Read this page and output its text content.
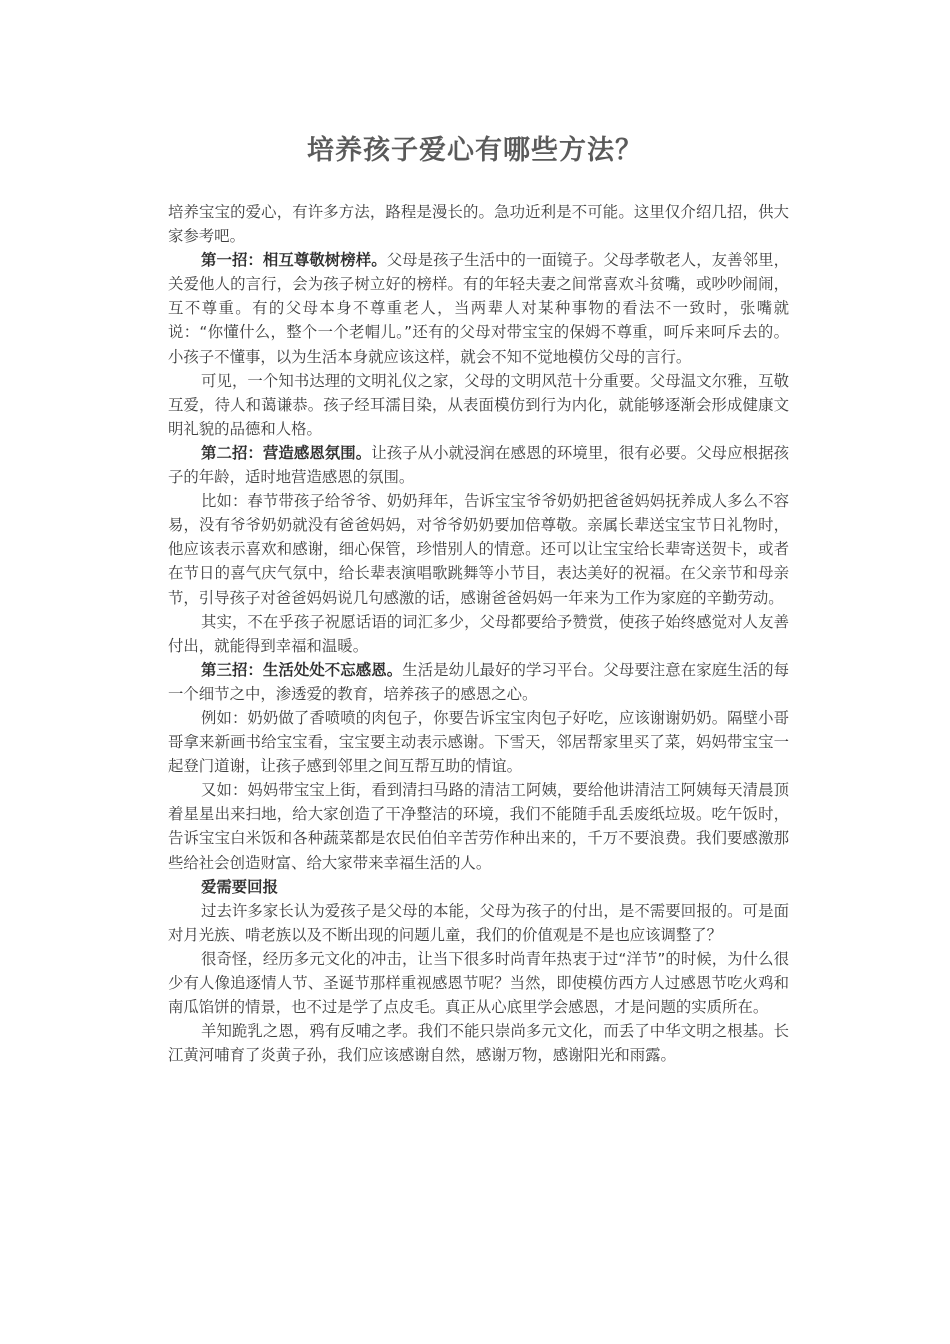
培养孩子爱心有哪些方法？

培养宝宝的爱心，有许多方法，路程是漫长的。急功近利是不可能。这里仅介绍几招，供大家参考吧。

第一招：相互尊敬树榜样。父母是孩子生活中的一面镜子。父母孝敬老人，友善邻里，关爱他人的言行，会为孩子树立好的榜样。有的年轻夫妻之间常喜欢斗贫嘴，或吵吵闹闹，互不尊重。有的父母本身不尊重老人，当两辈人对某种事物的看法不一致时，张嘴就说：“你懂什么，整个一个老帽儿。”还有的父母对带宝宝的保姆不尊重，呵斥来呵斥去的。小孩子不懂事，以为生活本身就应该这样，就会不知不觉地模仿父母的言行。

可见，一个知书达理的文明礼仪之家，父母的文明风范十分重要。父母温文尔雅，互敬互爱，待人和蔼谦恭。孩子经耳濡目染，从表面模仿到行为内化，就能够逐渐会形成健康文明礼貌的品德和人格。

第二招：营造感恩氛围。让孩子从小就浸润在感恩的环境里，很有必要。父母应根据孩子的年龄，适时地营造感恩的氛围。

比如：春节带孩子给爷爷、奶奶拜年，告诉宝宝爷爷奶奶把爸爸妈妈抚养成人多么不容易，没有爷爷奶奶就没有爸爸妈妈，对爷爷奶奶要加倍尊敬。亲属长辈送宝宝节日礼物时，他应该表示喜欢和感谢，细心保管，珍惜别人的情意。还可以让宝宝给长辈寄送贺卡，或者在节日的喜气庆气氛中，给长辈表演唱歌跳舞等小节目，表达美好的祝福。在父亲节和母亲节，引导孩子对爸爸妈妈说几句感激的话，感谢爸爸妈妈一年来为工作为家庭的辛勤劳动。

其实，不在乎孩子祝愿话语的词汇多少，父母都要给予赞赏，使孩子始终感觉对人友善付出，就能得到幸福和温暖。

第三招：生活处处不忘感恩。生活是幼儿最好的学习平台。父母要注意在家庭生活的每一个细节之中，渗透爱的教育，培养孩子的感恩之心。

例如：奶奶做了香喷喷的肉包子，你要告诉宝宝肉包子好吃，应该谢谢奶奶。隔壁小哥哥拿来新画书给宝宝看，宝宝要主动表示感谢。下雪天，邻居帮家里买了菜，妈妈带宝宝一起登门道谢，让孩子感到邻里之间互帮互助的情谊。

又如：妈妈带宝宝上街，看到清扫马路的清洁工阿姨，要给他讲清洁工阿姨每天清晨顶着星星出来扫地，给大家创造了干净整洁的环境，我们不能随手乱丢废纸垃圾。吃午饭时，告诉宝宝白米饭和各种蔬菜都是农民伯伯辛苦劳作种出来的，千万不要浪费。我们要感激那些给社会创造财富、给大家带来幸福生活的人。

爱需要回报

过去许多家长认为爱孩子是父母的本能，父母为孩子的付出，是不需要回报的。可是面对月光族、啃老族以及不断出现的问题儿童，我们的价值观是不是也应该调整了？

很奇怪，经历多元文化的冲击，让当下很多时尚青年热衷于过“洋节”的时候，为什么很少有人像追逐情人节、圣诞节那样重视感恩节呢？当然，即使模仿西方人过感恩节吃火鸡和南瓜馅饼的情景，也不过是学了点皮毛。真正从心底里学会感恩，才是问题的实质所在。

羊知跪乳之恩，鸦有反哺之孝。我们不能只崇尚多元文化，而丢了中华文明之根基。长江黄河哺育了炎黄子孙，我们应该感谢自然，感谢万物，感谢阳光和雨露。
